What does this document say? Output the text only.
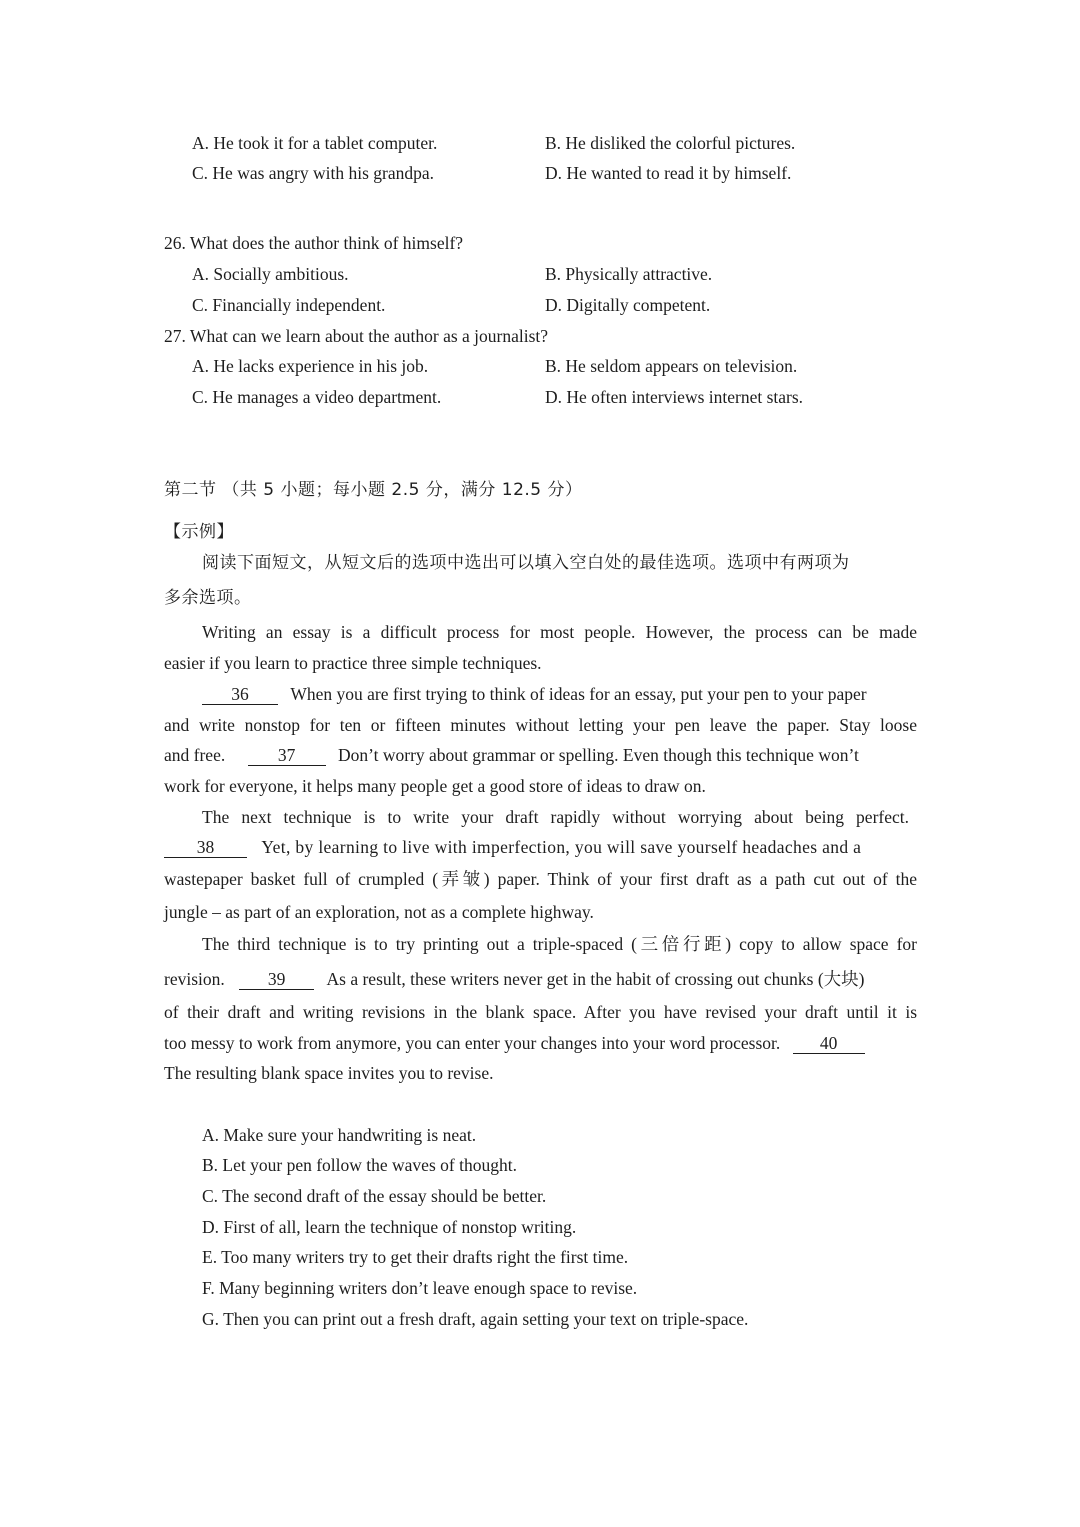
A. He took it for a tablet computer.	B. He disliked the colorful pictures.
C. He was angry with his grandpa.	D. He wanted to read it by himself.
26. What does the author think of himself?
A. Socially ambitious.	B. Physically attractive.
C. Financially independent.	D. Digitally competent.
27. What can we learn about the author as a journalist?
A. He lacks experience in his job.	B. He seldom appears on television.
C. He manages a video department.	D. He often interviews internet stars.
第二节 （共 5 小题；每小题 2.5 分，满分 12.5 分）
【示例】
阅读下面短文，从短文后的选项中选出可以填入空白处的最佳选项。选项中有两项为
多余选项。
Writing an essay is a difficult process for most people. However, the process can be made
easier if you learn to practice three simple techniques.
36 When you are first trying to think of ideas for an essay, put your pen to your paper
and write nonstop for ten or fifteen minutes without letting your pen leave the paper. Stay loose
and free.	37 Don’t worry about grammar or spelling. Even though this technique won’t
work for everyone, it helps many people get a good store of ideas to draw on.
The next technique is to write your draft rapidly without worrying about being perfect.
38	Yet, by learning to live with imperfection, you will save yourself headaches and a
wastepaper basket full of crumpled (弄皱) paper. Think of your first draft as a path cut out of the
jungle – as part of an exploration, not as a complete highway.
The third technique is to try printing out a triple-spaced (三倍行距) copy to allow space for
revision. 39 As a result, these writers never get in the habit of crossing out chunks (大块)
of their draft and writing revisions in the blank space. After you have revised your draft until it is
too messy to work from anymore, you can enter your changes into your word processor. 40
The resulting blank space invites you to revise.
A. Make sure your handwriting is neat.
B. Let your pen follow the waves of thought.
C. The second draft of the essay should be better.
D. First of all, learn the technique of nonstop writing.
E. Too many writers try to get their drafts right the first time.
F. Many beginning writers don’t leave enough space to revise.
G. Then you can print out a fresh draft, again setting your text on triple-space.
